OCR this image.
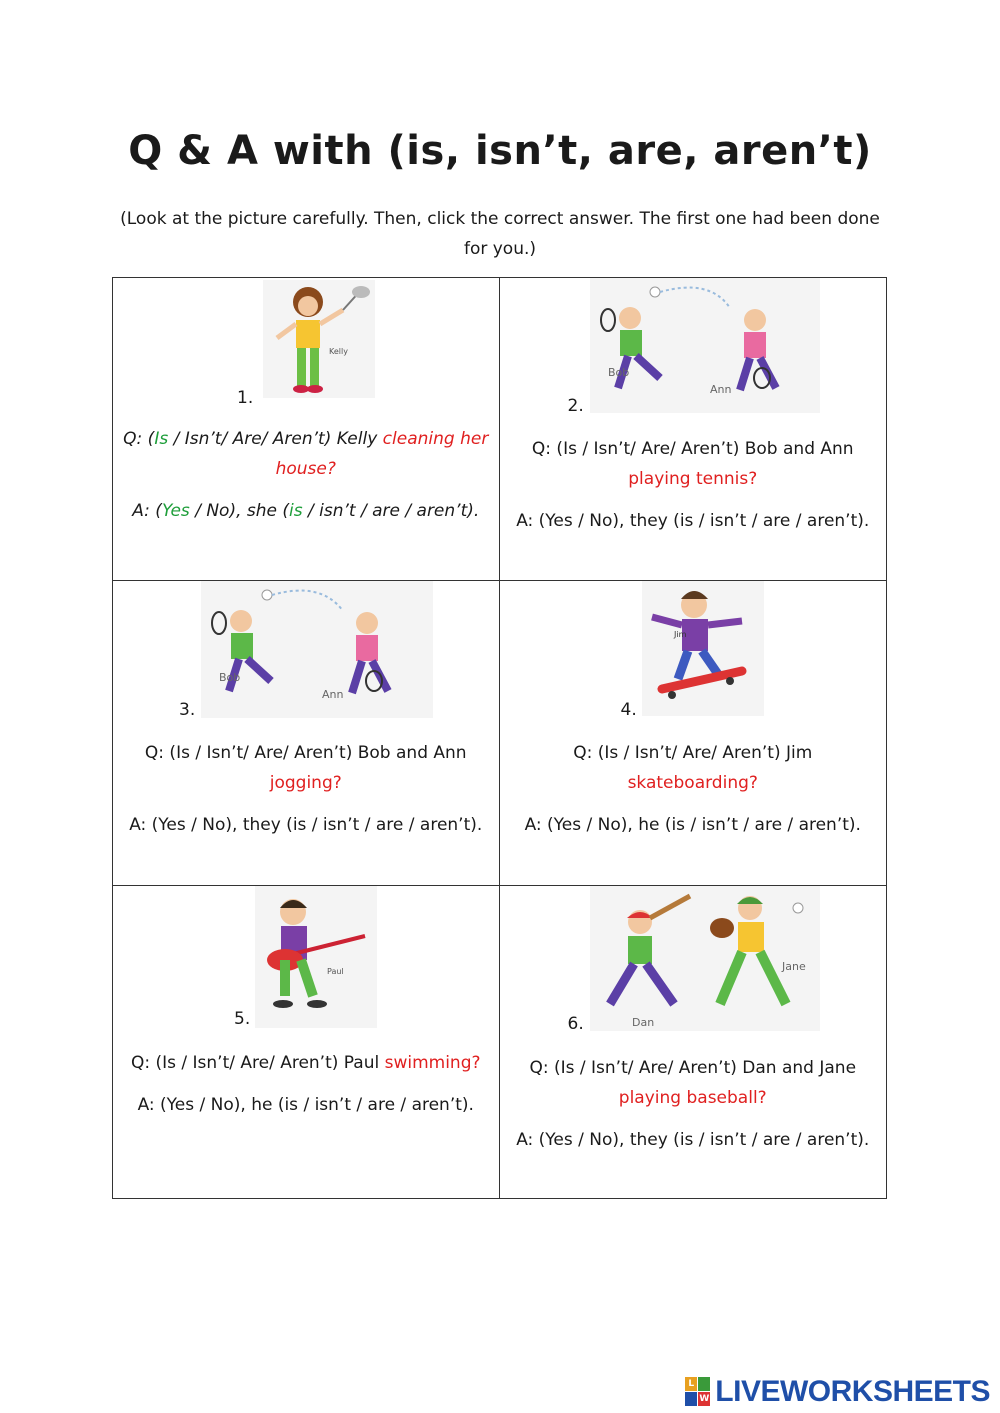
Q & A with (is, isn’t, are, aren’t)
(Look at the picture carefully. Then, click the correct answer. The first one had been done for you.)
1.
Kelly
Q: (Is / Isn’t/ Are/ Aren’t) Kelly cleaning her house?
A: (Yes / No), she (is / isn’t / are / aren’t).
2.
Bob
Ann
Q: (Is / Isn’t/ Are/ Aren’t) Bob and Ann playing tennis?
A: (Yes / No), they (is / isn’t / are / aren’t).
3.
Bob
Ann
Q: (Is / Isn’t/ Are/ Aren’t) Bob and Ann jogging?
A: (Yes / No), they (is / isn’t / are / aren’t).
4.
Jim
Q: (Is / Isn’t/ Are/ Aren’t) Jim skateboarding?
A: (Yes / No), he (is / isn’t / are / aren’t).
5.
Paul
Q: (Is / Isn’t/ Are/ Aren’t) Paul swimming?
A: (Yes / No), he (is / isn’t / are / aren’t).
6.	Dan
Jane
Q: (Is / Isn’t/ Are/ Aren’t) Dan and Jane playing baseball?
A: (Yes / No), they (is / isn’t / are / aren’t).
L
W LIVEWORKSHEETS
